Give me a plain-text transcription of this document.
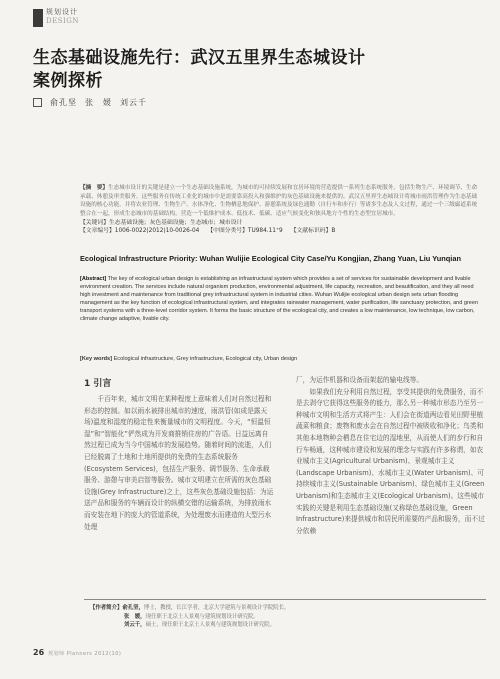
规划设计
DESIGN
生态基础设施先行：武汉五里界生态城设计
案例探析
俞孔坚 张　媛 刘云千
【摘　要】生态城市设计的关键是建立一个生态基础设施系统，为城市的可持续发展和宜居环境的营造提供一系列生态系统服务。包括生物生产、环境调节、生命承载、休憩及审美服务。这些服务在传统工业化的城市中是需要靠高投入和强维护的灰色基础设施来提供的。武汉五里界生态城设计将城市雨洪管理作为生态基础设施的核心功能，并将农业管理、生物生产、水体净化、生物栖息地保护、游憩系统及绿色通勤（自行车和步行）等诸多生态及人文过程，通过一个三级廊道系统整合在一起，形成生态城市的基础结构，营造一个低维护成本、低技术、低碳、适应气候变化和独具地方个性的生态型宜居城市。
【关键词】生态基础设施；灰色基础设施；生态城市；城市设计
【文章编号】1006-0022(2012)10-0026-04 【中图分类号】TU984.11⁺9 【文献标识码】B
Ecological Infrastructure Priority: Wuhan Wulijie Ecological City Case/Yu Kongjian, Zhang Yuan, Liu Yunqian
[Abstract] The key of ecological urban design is establishing an infrastructural system which provides a set of services for sustainable development and livable environment creation. The services include natural organism production, environmental adjustment, life capacity, recreation, and beautification, and they all need high investment and maintenance from traditional grey infrastructural system in industrial cities. Wuhan Wulijie ecological urban design sets urban flooding management as the key function of ecological infrastructural system, and integrates rainwater management, water purification, life sanctuary protection, and green transport systems with a three-level corridor system. It forms the basic structure of the ecological city, and creates a low maintenance, low technique, low carbon, climate change adaptive, livable city.
[Key words] Ecological infrastructure, Grey infrastructure, Ecological city, Urban design
1 引言

千百年来，城市文明在某种程度上意味着人们对自然过程和形态的控制。如以雨水被排出城市的速度，雨洪管(如成是露天场)温度和湿度的稳定性来衡量城市的文明程度。今天，“恒温恒湿”和“智能化”俨然成为开发商推销住房的广告语。日益远离自然过程已成为当今中国城市的发展趋势。随着时间的流逝，人们已经脱离了土地和土地所提供的免费的生态系统服务(Ecosystem Services)，包括生产服务、调节服务、生命承载服务、游憩与审美启智等服务。城市文明建立在所需的灰色基础设施(Grey Infrastructure)之上，这些灰色基础设施包括：为运送产品和服务的车辆而设计的纵横交错的运输系统，为排放雨水而安装在地下的庞大的管道系统，为处理废水而建造的大型污水处理

厂，为运作机器和设备而架起的输电线等。

如果我们充分利用自然过程，享受其提供的免费服务，而不是去剥夺它获得这些服务的能力，那么另一种城市形态乃至另一种城市文明和生活方式将产生：人们会在街道两边看见田野里植蔬菜和粮食；废物和废水会在自然过程中被吸收和净化；鸟类和其他本地物种会栖息在住宅边的湿地里，从而使人们的步行和自行车畅通，这种城市建设和发展的理念与实践有许多称谓，如农业城市主义(Agricultural Urbanism)、景观城市主义(Landscape Urbanism)、水城市主义(Water Urbanism)、可持续城市主义(Sustainable Urbanism)、绿色城市主义(Green Urbanism)和生态城市主义(Ecological Urbanism)。这些城市实践的关键是利用生态基础设施(又称绿色基础设施，Green Infrastructure)来提供城市和居民所需要的产品和服务，而不过分依赖

【作者简介】俞孔坚，博士，教授，长江学者，北京大学建筑与景观设计学院院长。
张　媛，现任职于北京土人景观与建筑规划设计研究院。
刘云千，硕士，现任职于北京土人景观与建筑规划设计研究院。
26 规划师 Planners 2012(10)
